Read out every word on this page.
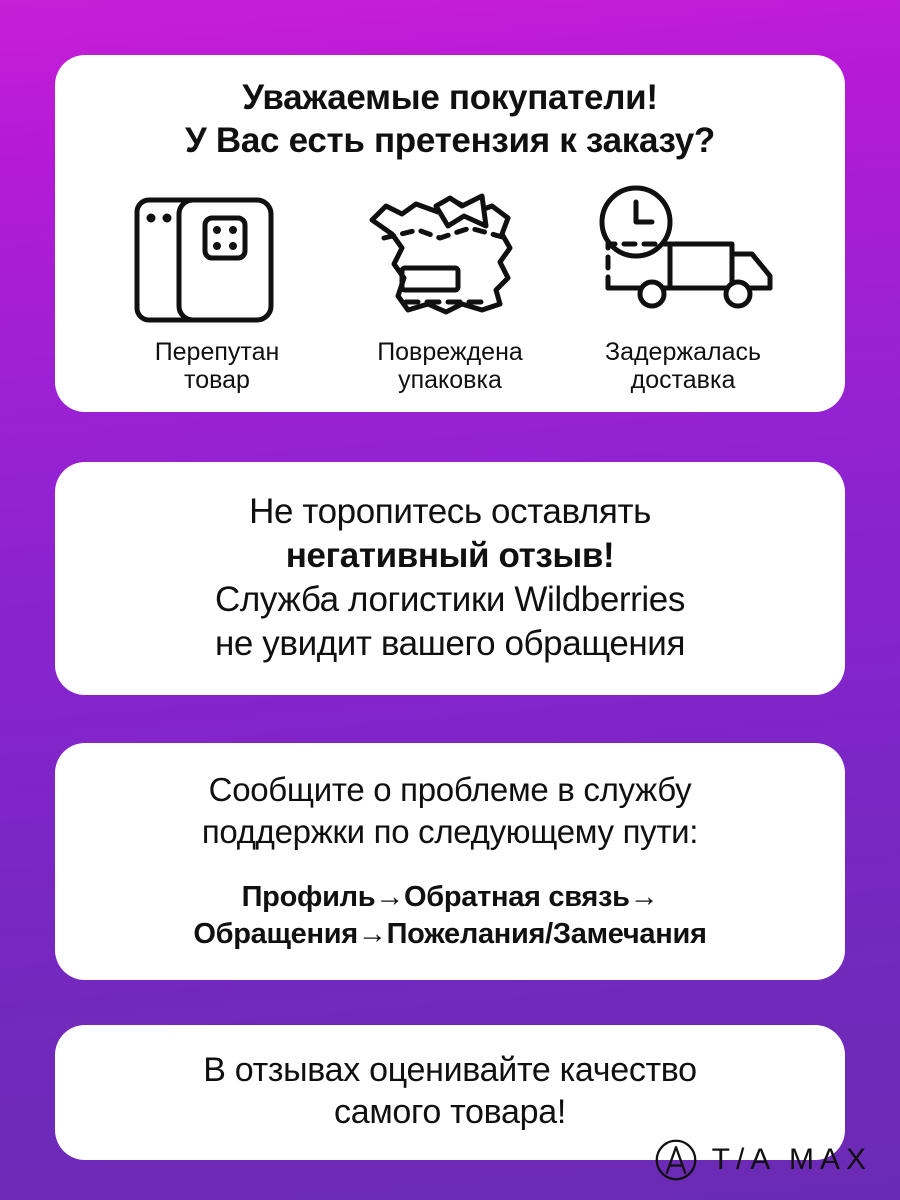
Уважаемые покупатели!
У Вас есть претензия к заказу?
Перепутан
товар
Повреждена
упаковка
Задержалась
доставка
Не торопитесь оставлять
негативный отзыв!
Служба логистики Wildberries
не увидит вашего обращения
Сообщите о проблеме в службу
поддержки по следующему пути:
Профиль→Обратная связь→
Обращения→Пожелания/Замечания
В отзывах оценивайте качество
самого товара!
T/A MAX
